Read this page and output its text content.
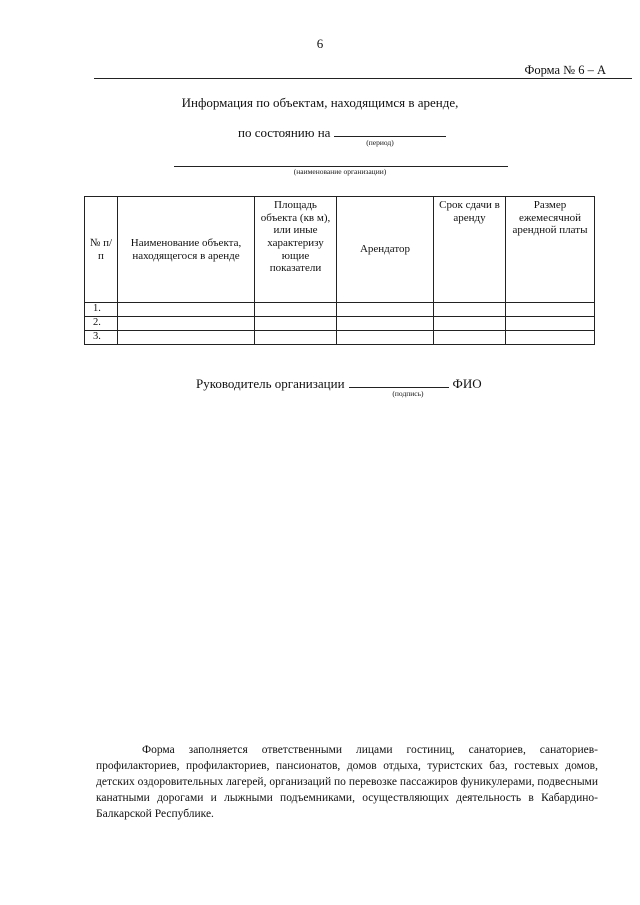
6
Форма № 6 – А
Информация по объектам, находящимся в аренде,
по состоянию на
(период)
(наименование организации)
№ п/п	Наименование объекта, находящегося в аренде	Площадь объекта (кв м), или иные характеризу ющие показатели	Арендатор	Срок сдачи в аренду	Размер ежемесячной арендной платы
1.					
2.					
3.					
Руководитель организации	ФИО
(подпись)
Форма заполняется ответственными лицами гостиниц, санаториев, санаториев-профилакториев, профилакториев, пансионатов, домов отдыха, туристских баз, гостевых домов, детских оздоровительных лагерей, организаций по перевозке пассажиров фуникулерами, подвесными канатными дорогами и лыжными подъемниками, осуществляющих деятельность в Кабардино-Балкарской Республике.
